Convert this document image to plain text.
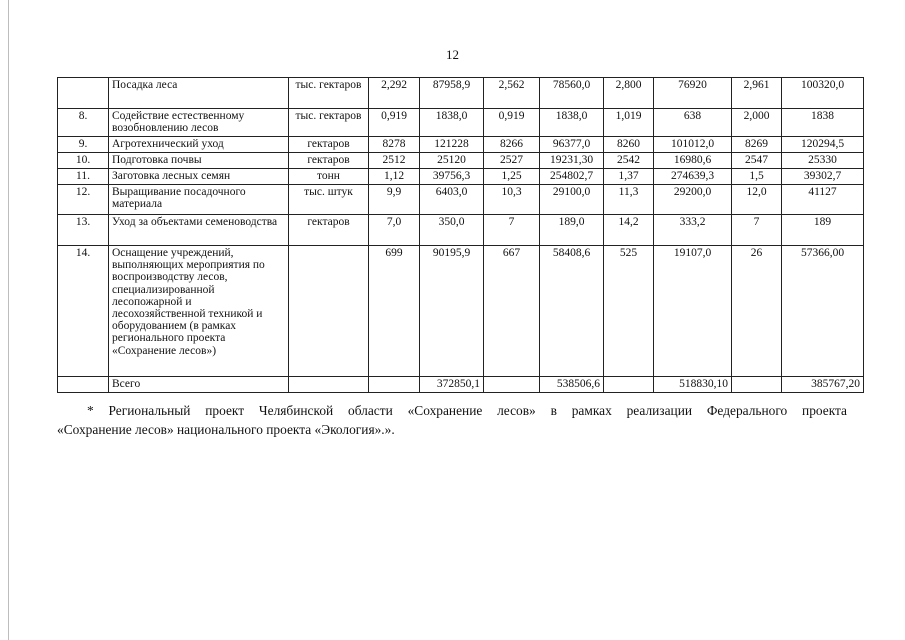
12
	Посадка леса	тыс. гектаров	2,292	87958,9	2,562	78560,0	2,800	76920	2,961	100320,0
8.	Содействие естественному возобновлению лесов	тыс. гектаров	0,919	1838,0	0,919	1838,0	1,019	638	2,000	1838
9.	Агротехнический уход	гектаров	8278	121228	8266	96377,0	8260	101012,0	8269	120294,5
10.	Подготовка почвы	гектаров	2512	25120	2527	19231,30	2542	16980,6	2547	25330
11.	Заготовка лесных семян	тонн	1,12	39756,3	1,25	254802,7	1,37	274639,3	1,5	39302,7
12.	Выращивание посадочного материала	тыс. штук	9,9	6403,0	10,3	29100,0	11,3	29200,0	12,0	41127
13.	Уход за объектами семеноводства	гектаров	7,0	350,0	7	189,0	14,2	333,2	7	189
14.	Оснащение учреждений, выполняющих мероприятия по воспроизводству лесов, специализированной лесопожарной и лесохозяйственной техникой и оборудованием (в рамках регионального проекта «Сохранение лесов»)		699	90195,9	667	58408,6	525	19107,0	26	57366,00
	Всего			372850,1		538506,6		518830,10		385767,20
* Региональный проект Челябинской области «Сохранение лесов» в рамках реализации Федерального проекта
«Сохранение лесов» национального проекта «Экология».».
